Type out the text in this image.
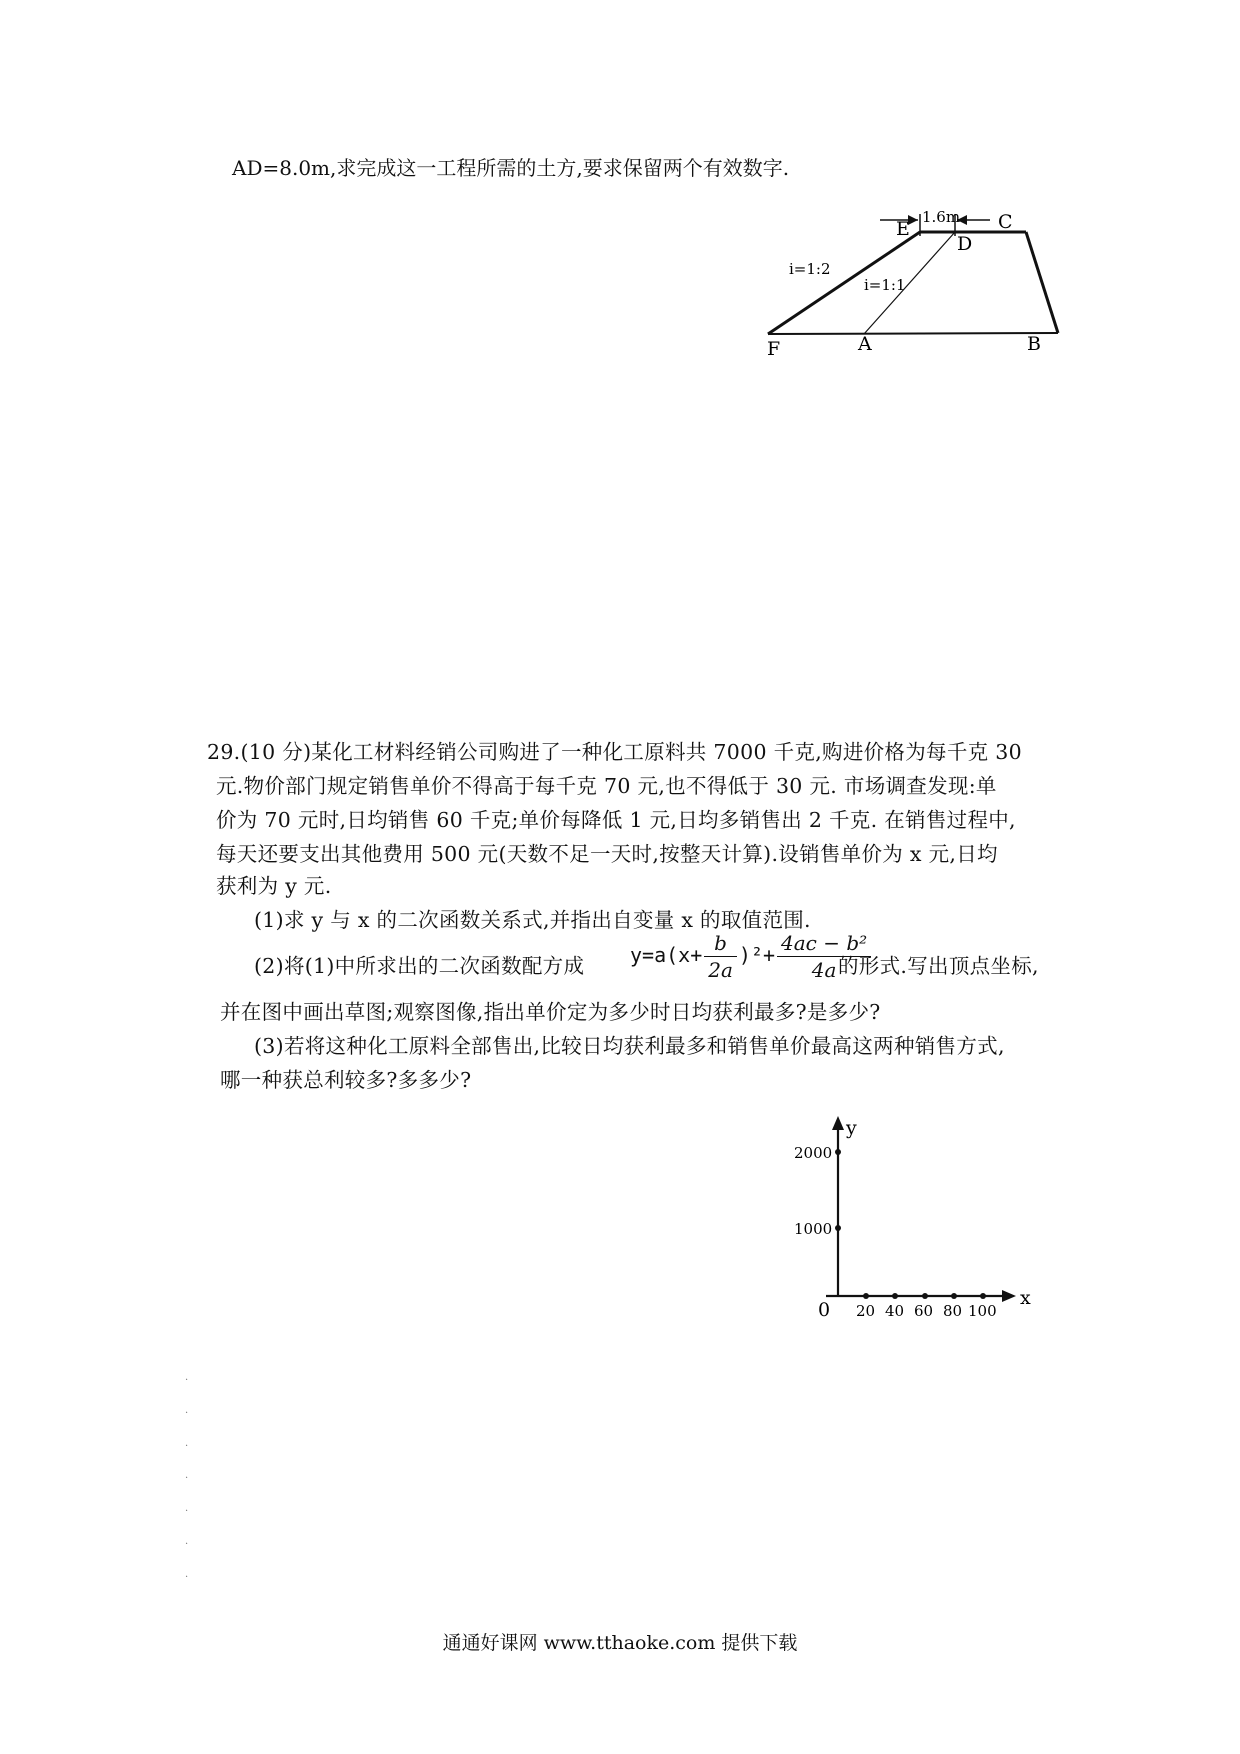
AD=8.0m,求完成这一工程所需的土方,要求保留两个有效数字.
1.6m
i=1:2
i=1:1
E
D
C
F	A	B
29.(10 分)某化工材料经销公司购进了一种化工原料共 7000 千克,购进价格为每千克 30
元.物价部门规定销售单价不得高于每千克 70 元,也不得低于 30 元. 市场调查发现:单
价为 70 元时,日均销售 60 千克;单价每降低 1 元,日均多销售出 2 千克. 在销售过程中,
每天还要支出其他费用 500 元(天数不足一天时,按整天计算).设销售单价为 x 元,日均
获利为 y 元.
(1)求 y 与 x 的二次函数关系式,并指出自变量 x 的取值范围.
(2)将(1)中所求出的二次函数配方成 $y=a(x+ \frac{b}{2a} )^2+ \frac{\text{4ac − b²}}{4a}$
的形式.写出顶点坐标,
并在图中画出草图;观察图像,指出单价定为多少时日均获利最多?是多少?
(3)若将这种化工原料全部售出,比较日均获利最多和销售单价最高这两种销售方式,
哪一种获总利较多?多多少?
y
x
0
2000
1000
20 40 60 80 100
.
.
.
.
.
.
.
通通好课网 www.tthaoke.com 提供下载
